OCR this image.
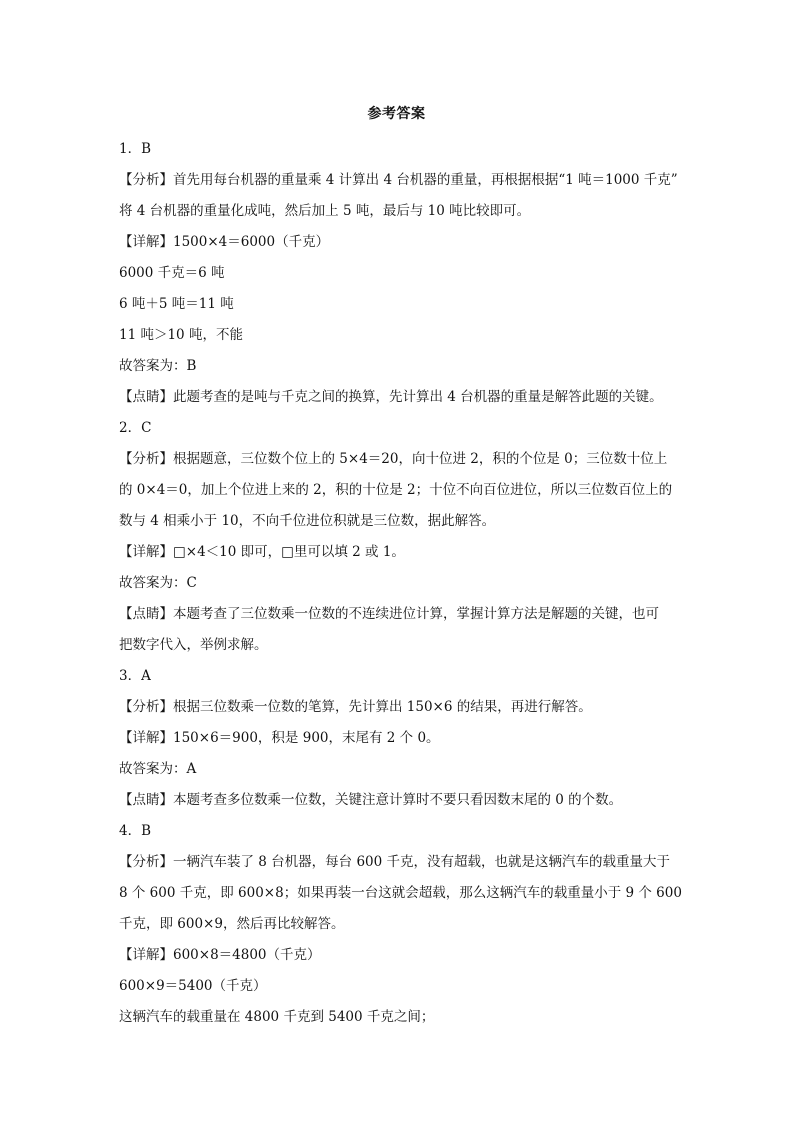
参考答案
1．B
【分析】首先用每台机器的重量乘 4 计算出 4 台机器的重量，再根据根据“1 吨＝1000 千克”
将 4 台机器的重量化成吨，然后加上 5 吨，最后与 10 吨比较即可。
【详解】1500×4＝6000（千克）
6000 千克＝6 吨
6 吨＋5 吨＝11 吨
11 吨＞10 吨，不能
故答案为：B
【点睛】此题考查的是吨与千克之间的换算，先计算出 4 台机器的重量是解答此题的关键。
2．C
【分析】根据题意，三位数个位上的 5×4＝20，向十位进 2，积的个位是 0；三位数十位上
的 0×4＝0，加上个位进上来的 2，积的十位是 2；十位不向百位进位，所以三位数百位上的
数与 4 相乘小于 10，不向千位进位积就是三位数，据此解答。
【详解】□×4＜10 即可，□里可以填 2 或 1。
故答案为：C
【点睛】本题考查了三位数乘一位数的不连续进位计算，掌握计算方法是解题的关键，也可
把数字代入，举例求解。
3．A
【分析】根据三位数乘一位数的笔算，先计算出 150×6 的结果，再进行解答。
【详解】150×6＝900，积是 900，末尾有 2 个 0。
故答案为：A
【点睛】本题考查多位数乘一位数，关键注意计算时不要只看因数末尾的 0 的个数。
4．B
【分析】一辆汽车装了 8 台机器，每台 600 千克，没有超载，也就是这辆汽车的载重量大于
8 个 600 千克，即 600×8；如果再装一台这就会超载，那么这辆汽车的载重量小于 9 个 600
千克，即 600×9，然后再比较解答。
【详解】600×8＝4800（千克）
600×9＝5400（千克）
这辆汽车的载重量在 4800 千克到 5400 千克之间；
